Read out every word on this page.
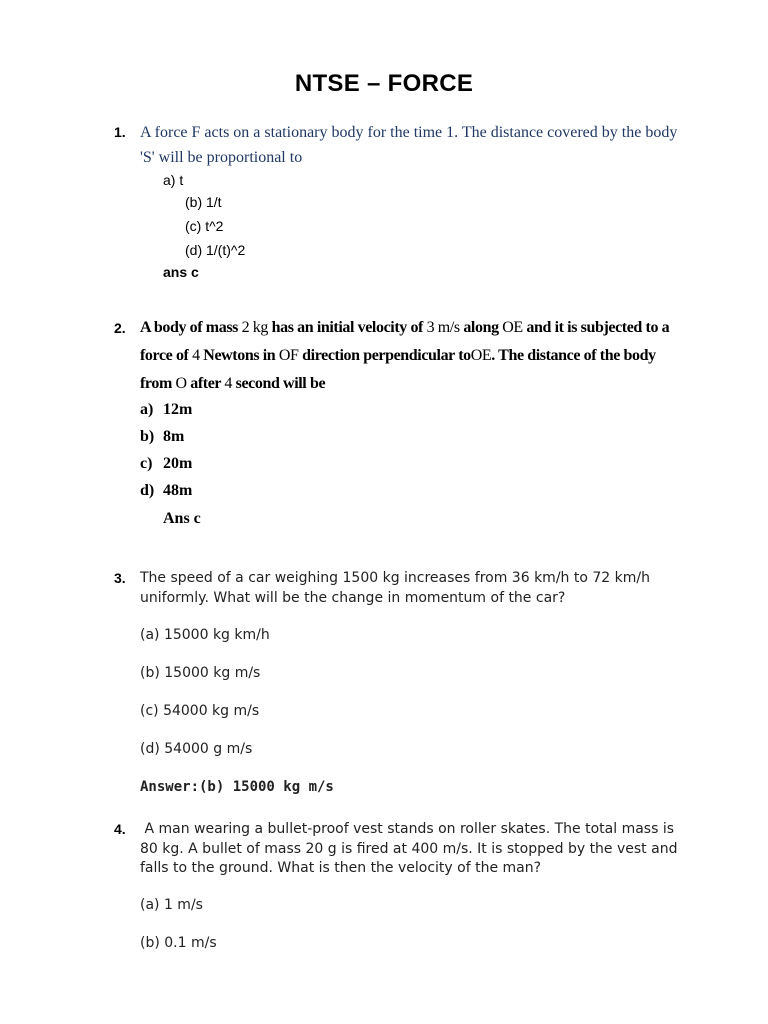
NTSE – FORCE
1. A force F acts on a stationary body for the time 1. The distance covered by the body 'S' will be proportional to
a) t
(b) 1/t
(c) t^2
(d) 1/(t)^2
ans c
2. A body of mass 2 kg has an initial velocity of 3 m/s along OE and it is subjected to a force of 4 Newtons in OF direction perpendicular toOE. The distance of the body from O after 4 second will be
a) 12m
b) 8m
c) 20m
d) 48m
Ans c
3. The speed of a car weighing 1500 kg increases from 36 km/h to 72 km/h uniformly. What will be the change in momentum of the car?
(a) 15000 kg km/h
(b) 15000 kg m/s
(c) 54000 kg m/s
(d) 54000 g m/s
Answer:(b) 15000 kg m/s
4. A man wearing a bullet-proof vest stands on roller skates. The total mass is 80 kg. A bullet of mass 20 g is fired at 400 m/s. It is stopped by the vest and falls to the ground. What is then the velocity of the man?
(a) 1 m/s
(b) 0.1 m/s
